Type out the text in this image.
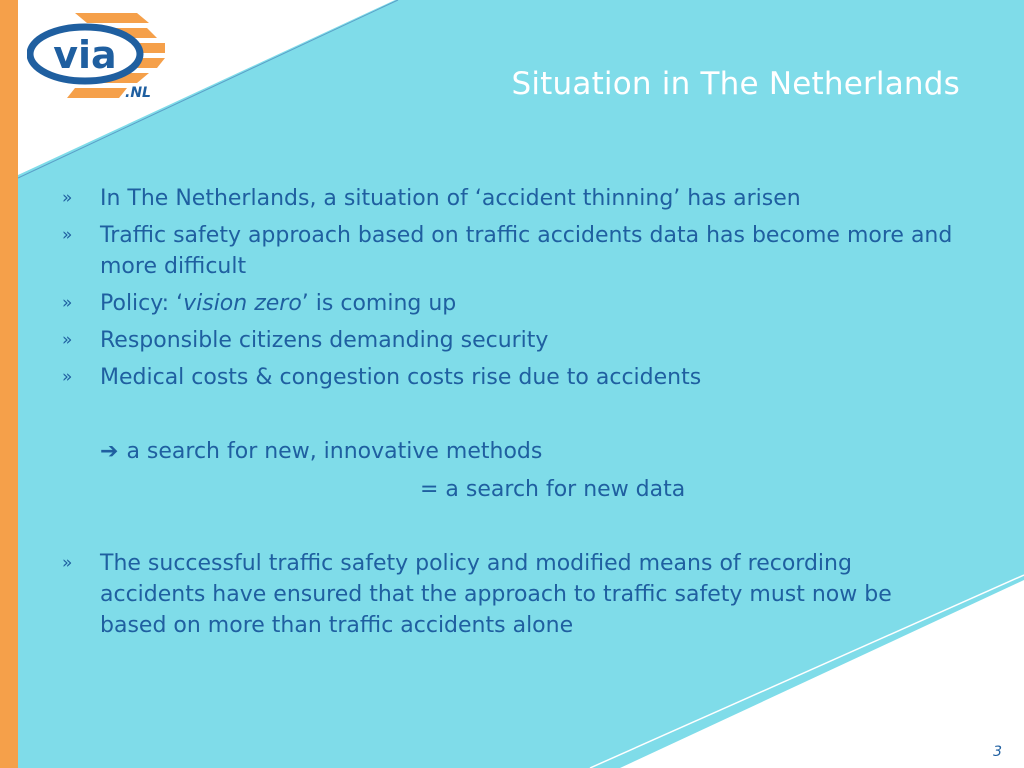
via
.NL	Situation in The Netherlands
» In The Netherlands, a situation of ‘accident thinning’ has arisen
» Traffic safety approach based on traffic accidents data has become more and more difficult
» Policy: ‘vision zero’ is coming up
» Responsible citizens demanding security
» Medical costs & congestion costs rise due to accidents
➔ a search for new, innovative methods
= a search for new data
» The successful traffic safety policy and modified means of recording accidents have ensured that the approach to traffic safety must now be based on more than traffic accidents alone
3
